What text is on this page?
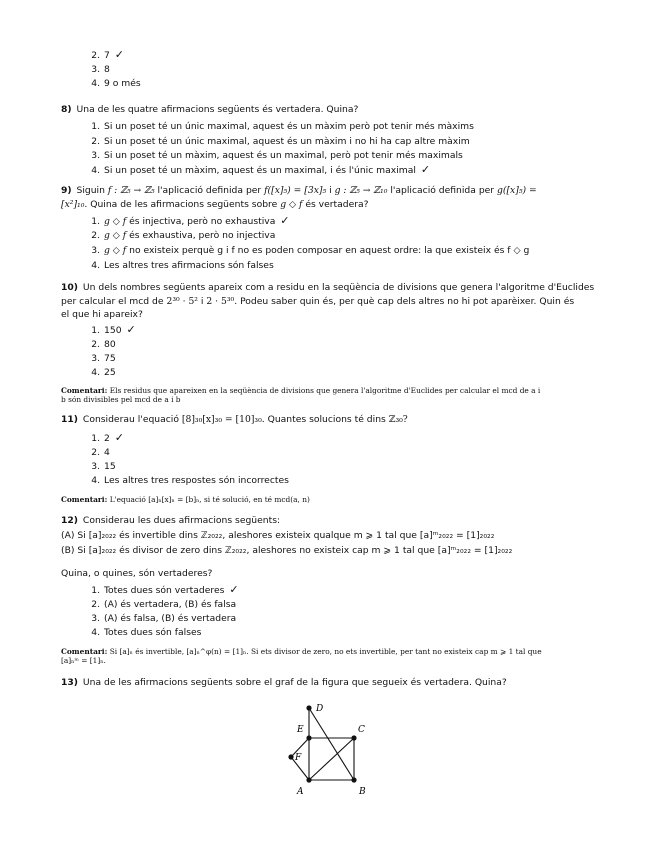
2. 7 ✓
3. 8
4. 9 o més
8) Una de les quatre afirmacions següents és vertadera. Quina?
1. Si un poset té un únic maximal, aquest és un màxim però pot tenir més màxims
2. Si un poset té un únic maximal, aquest és un màxim i no hi ha cap altre màxim
3. Si un poset té un màxim, aquest és un maximal, però pot tenir més maximals
4. Si un poset té un màxim, aquest és un maximal, i és l'únic maximal ✓
9) Siguin f : ℤ₅ → ℤ₅ l'aplicació definida per f([x]₅) = [3x]₅ i g : ℤ₅ → ℤ₁₀ l'aplicació definida per g([x]₅) =
[x²]₁₀. Quina de les afirmacions següents sobre g ◇ f és vertadera?
1. g ◇ f és injectiva, però no exhaustiva ✓
2. g ◇ f és exhaustiva, però no injectiva
3. g ◇ f no existeix perquè g i f no es poden composar en aquest ordre: la que existeix és f ◇ g
4. Les altres tres afirmacions són falses
10) Un dels nombres següents apareix com a residu en la seqüència de divisions que genera l'algoritme d'Euclides
per calcular el mcd de 2³⁰ · 5² i 2 · 5³⁰. Podeu saber quin és, per què cap dels altres no hi pot aparèixer. Quin és
el que hi apareix?
1. 150 ✓
2. 80
3. 75
4. 25
Comentari: Els residus que apareixen en la seqüència de divisions que genera l'algoritme d'Euclides per calcular el mcd de a i
b són divisibles pel mcd de a i b
11) Considerau l'equació [8]₃₀[x]₃₀ = [10]₃₀. Quantes solucions té dins ℤ₃₀?
1. 2 ✓
2. 4
3. 15
4. Les altres tres respostes són incorrectes
Comentari: L'equació [a]ₙ[x]ₙ = [b]ₙ, si té solució, en té mcd(a, n)
12) Considerau les dues afirmacions següents:
(A) Si [a]₂₀₂₂ és invertible dins ℤ₂₀₂₂, aleshores existeix qualque m ⩾ 1 tal que [a]ᵐ₂₀₂₂ = [1]₂₀₂₂
(B) Si [a]₂₀₂₂ és divisor de zero dins ℤ₂₀₂₂, aleshores no existeix cap m ⩾ 1 tal que [a]ᵐ₂₀₂₂ = [1]₂₀₂₂
Quina, o quines, són vertaderes?
1. Totes dues són vertaderes ✓
2. (A) és vertadera, (B) és falsa
3. (A) és falsa, (B) és vertadera
4. Totes dues són falses
Comentari: Si [a]ₙ és invertible, [a]ₙ^φ(n) = [1]ₙ. Si ets divisor de zero, no ets invertible, per tant no existeix cap m ⩾ 1 tal que
[a]ₙᵐ = [1]ₙ.
13) Una de les afirmacions següents sobre el graf de la figura que segueix és vertadera. Quina?
D
E	C
F
A	B
